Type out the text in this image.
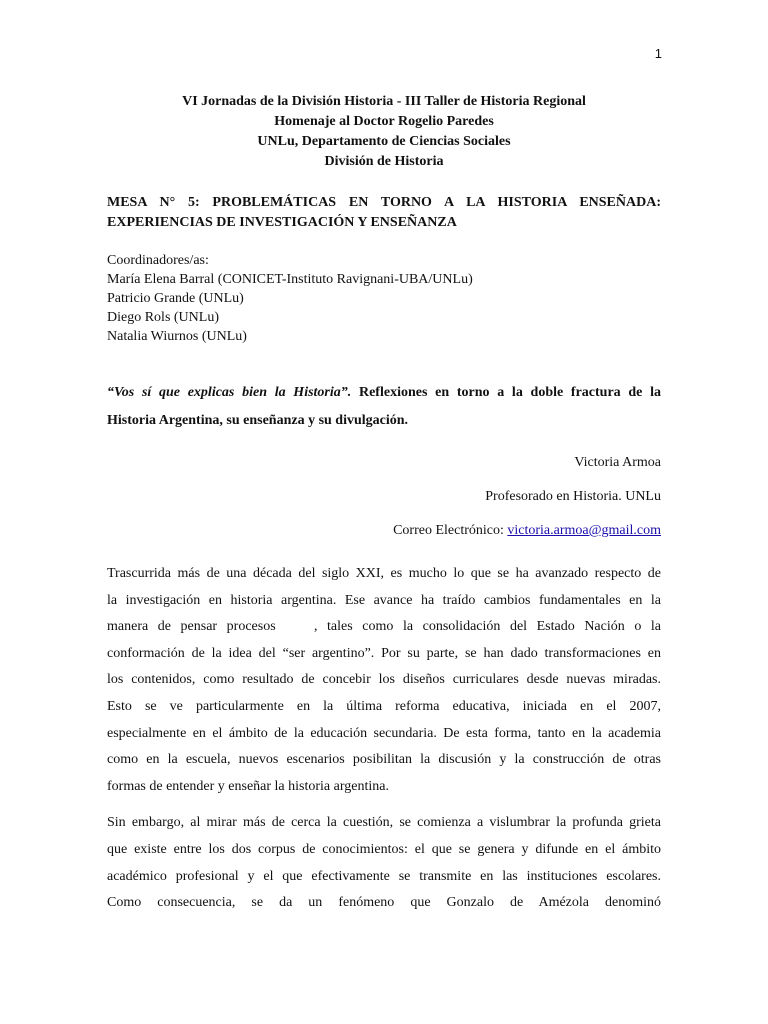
1
VI Jornadas de la División Historia - III Taller de Historia Regional
Homenaje al Doctor Rogelio Paredes
UNLu, Departamento de Ciencias Sociales
División de Historia
MESA N° 5: PROBLEMÁTICAS EN TORNO A LA HISTORIA ENSEÑADA:
EXPERIENCIAS DE INVESTIGACIÓN Y ENSEÑANZA
Coordinadores/as:
María Elena Barral (CONICET-Instituto Ravignani-UBA/UNLu)
Patricio Grande (UNLu)
Diego Rols (UNLu)
Natalia Wiurnos (UNLu)
“Vos sí que explicas bien la Historia”. Reflexiones en torno a la doble fractura de la
Historia Argentina, su enseñanza y su divulgación.
Victoria Armoa
Profesorado en Historia. UNLu
Correo Electrónico: victoria.armoa@gmail.com
Trascurrida más de una década del siglo XXI, es mucho lo que se ha avanzado respecto de
la investigación en historia argentina. Ese avance ha traído cambios fundamentales en la
manera de pensar procesos    , tales como la consolidación del Estado Nación o la
conformación de la idea del “ser argentino”. Por su parte, se han dado transformaciones en
los contenidos, como resultado de concebir los diseños curriculares desde nuevas miradas.
Esto se ve particularmente en la última reforma educativa, iniciada en el 2007,
especialmente en el ámbito de la educación secundaria. De esta forma, tanto en la academia
como en la escuela, nuevos escenarios posibilitan la discusión y la construcción de otras
formas de entender y enseñar la historia argentina.
Sin embargo, al mirar más de cerca la cuestión, se comienza a vislumbrar la profunda grieta
que existe entre los dos corpus de conocimientos: el que se genera y difunde en el ámbito
académico profesional y el que efectivamente se transmite en las instituciones escolares.
Como consecuencia, se da un fenómeno que Gonzalo de Amézola denominó
